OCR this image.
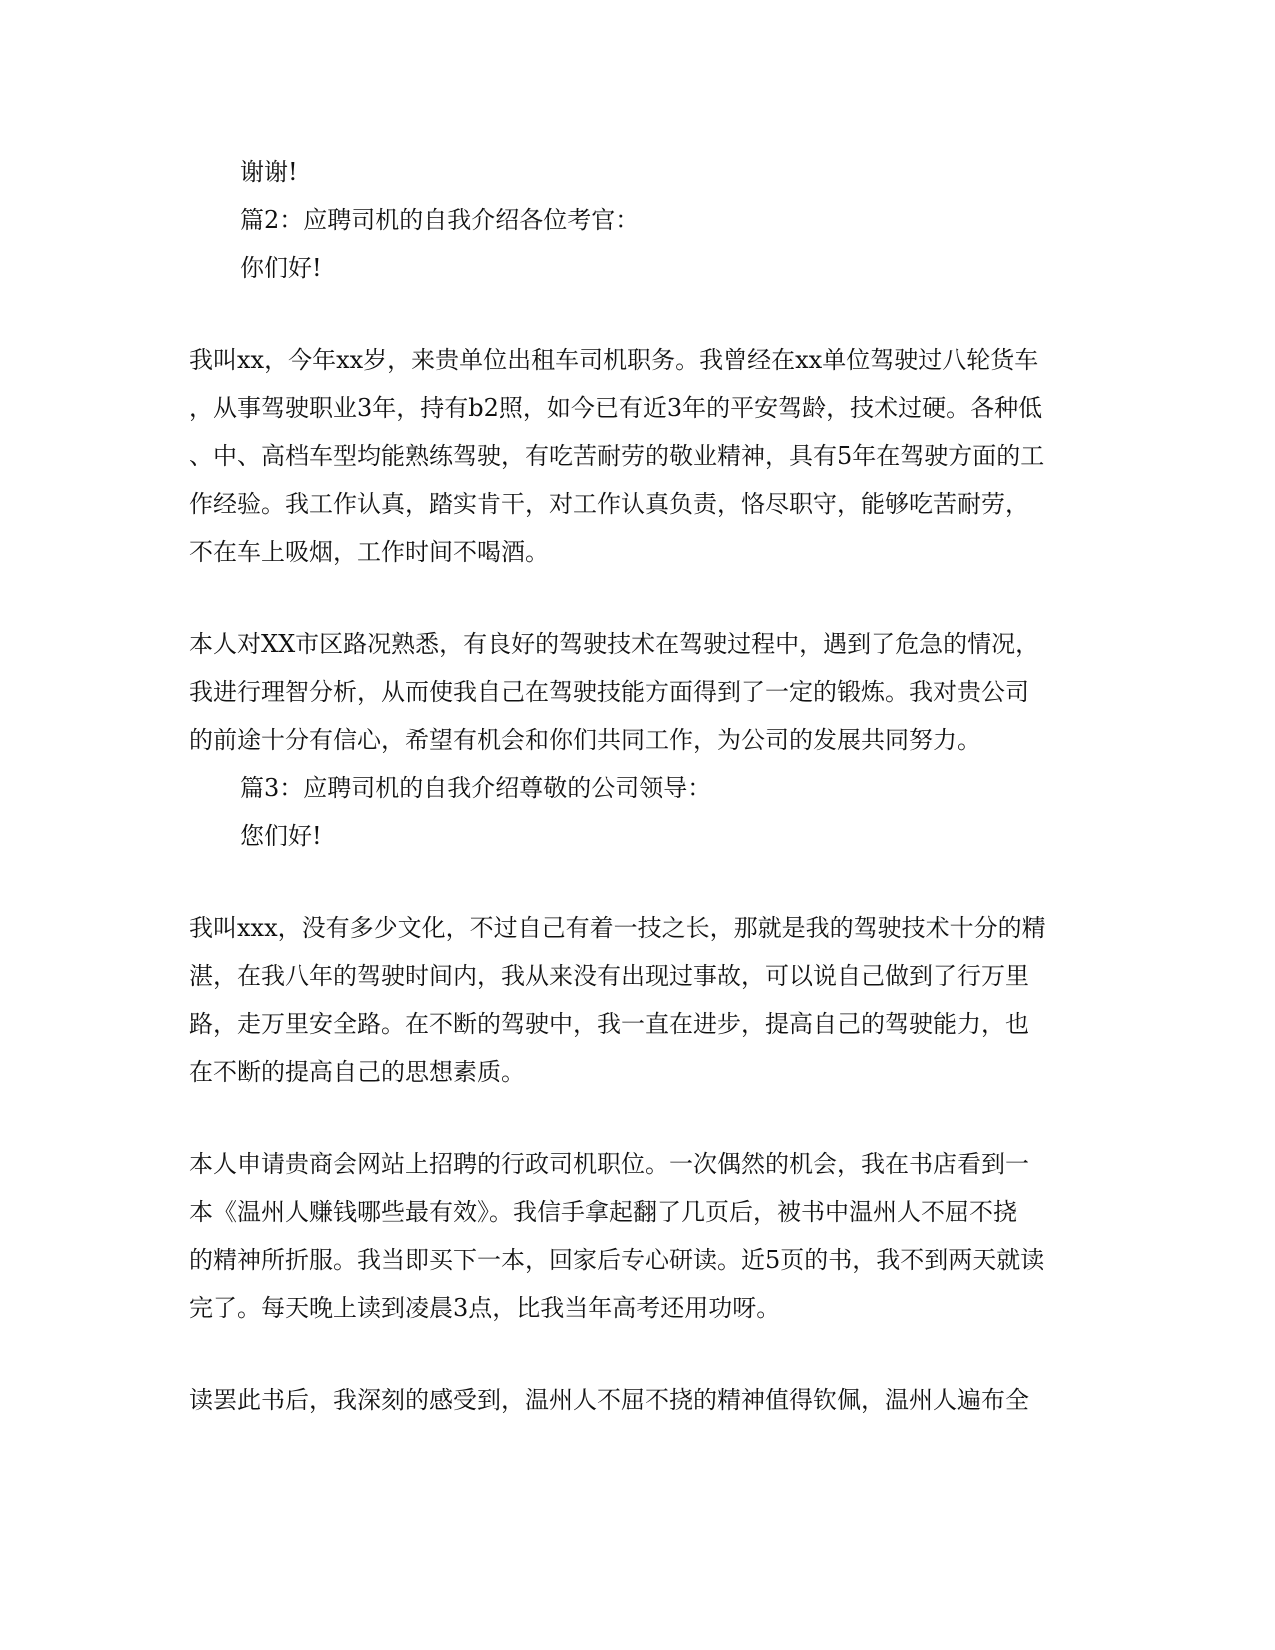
谢谢!
篇2：应聘司机的自我介绍各位考官：
你们好!
我叫xx，今年xx岁，来贵单位出租车司机职务。我曾经在xx单位驾驶过八轮货车
，从事驾驶职业3年，持有b2照，如今已有近3年的平安驾龄，技术过硬。各种低
、中、高档车型均能熟练驾驶，有吃苦耐劳的敬业精神，具有5年在驾驶方面的工
作经验。我工作认真，踏实肯干，对工作认真负责，恪尽职守，能够吃苦耐劳，
不在车上吸烟，工作时间不喝酒。
本人对XX市区路况熟悉，有良好的驾驶技术在驾驶过程中，遇到了危急的情况，
我进行理智分析，从而使我自己在驾驶技能方面得到了一定的锻炼。我对贵公司
的前途十分有信心，希望有机会和你们共同工作，为公司的发展共同努力。
篇3：应聘司机的自我介绍尊敬的公司领导：
您们好!
我叫xxx，没有多少文化，不过自己有着一技之长，那就是我的驾驶技术十分的精
湛，在我八年的驾驶时间内，我从来没有出现过事故，可以说自己做到了行万里
路，走万里安全路。在不断的驾驶中，我一直在进步，提高自己的驾驶能力，也
在不断的提高自己的思想素质。
本人申请贵商会网站上招聘的行政司机职位。一次偶然的机会，我在书店看到一
本《温州人赚钱哪些最有效》。我信手拿起翻了几页后，被书中温州人不屈不挠
的精神所折服。我当即买下一本，回家后专心研读。近5页的书，我不到两天就读
完了。每天晚上读到凌晨3点，比我当年高考还用功呀。
读罢此书后，我深刻的感受到，温州人不屈不挠的精神值得钦佩，温州人遍布全
